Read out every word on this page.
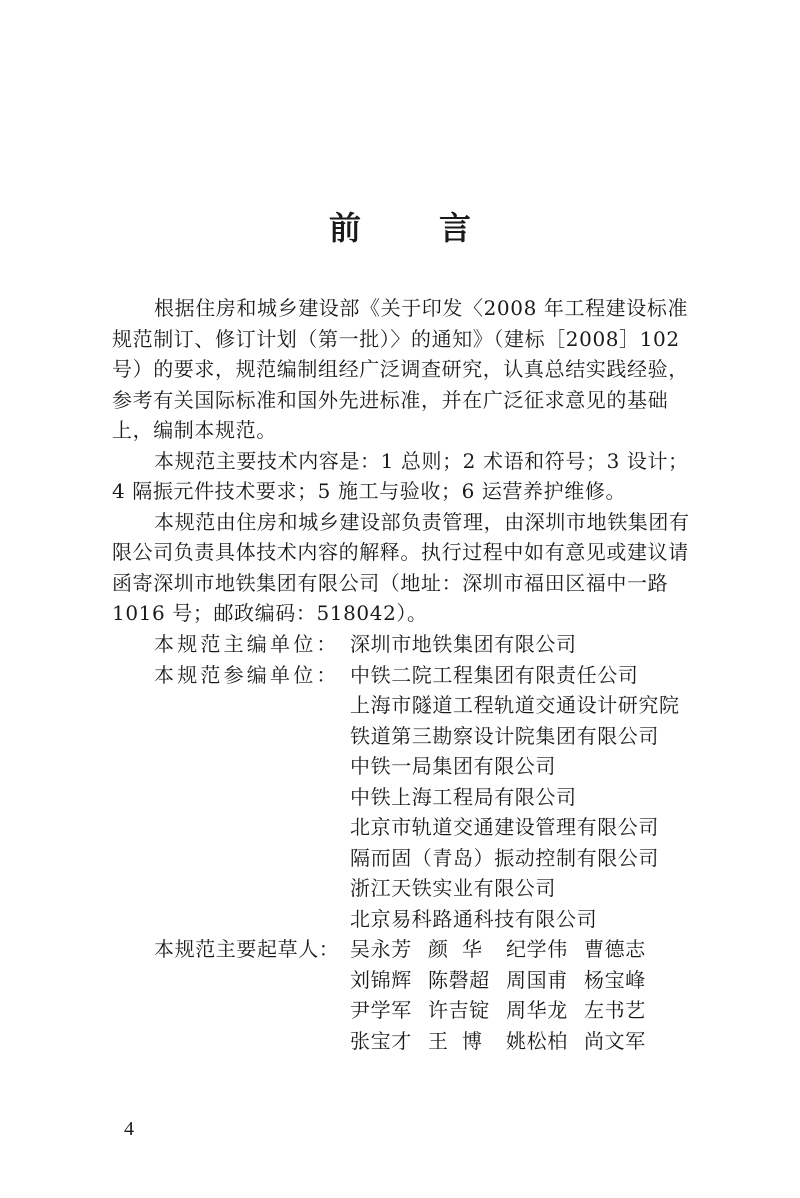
前 言
根据住房和城乡建设部《关于印发〈2008 年工程建设标准
规范制订、修订计划（第一批）〉的通知》（建标［2008］102
号）的要求，规范编制组经广泛调查研究，认真总结实践经验，
参考有关国际标准和国外先进标准，并在广泛征求意见的基础
上，编制本规范。
本规范主要技术内容是：1 总则；2 术语和符号；3 设计；
4 隔振元件技术要求；5 施工与验收；6 运营养护维修。
本规范由住房和城乡建设部负责管理，由深圳市地铁集团有
限公司负责具体技术内容的解释。执行过程中如有意见或建议请
函寄深圳市地铁集团有限公司（地址：深圳市福田区福中一路
1016 号；邮政编码：518042）。
本规范主编单位： 深圳市地铁集团有限公司
本规范参编单位： 中铁二院工程集团有限责任公司
上海市隧道工程轨道交通设计研究院
铁道第三勘察设计院集团有限公司
中铁一局集团有限公司
中铁上海工程局有限公司
北京市轨道交通建设管理有限公司
隔而固（青岛）振动控制有限公司
浙江天铁实业有限公司
北京易科路通科技有限公司
本规范主要起草人： 吴永芳 颜华 纪学伟 曹德志
刘锦辉 陈磬超 周国甫 杨宝峰
尹学军 许吉锭 周华龙 左书艺
张宝才 王博 姚松柏 尚文军
4
